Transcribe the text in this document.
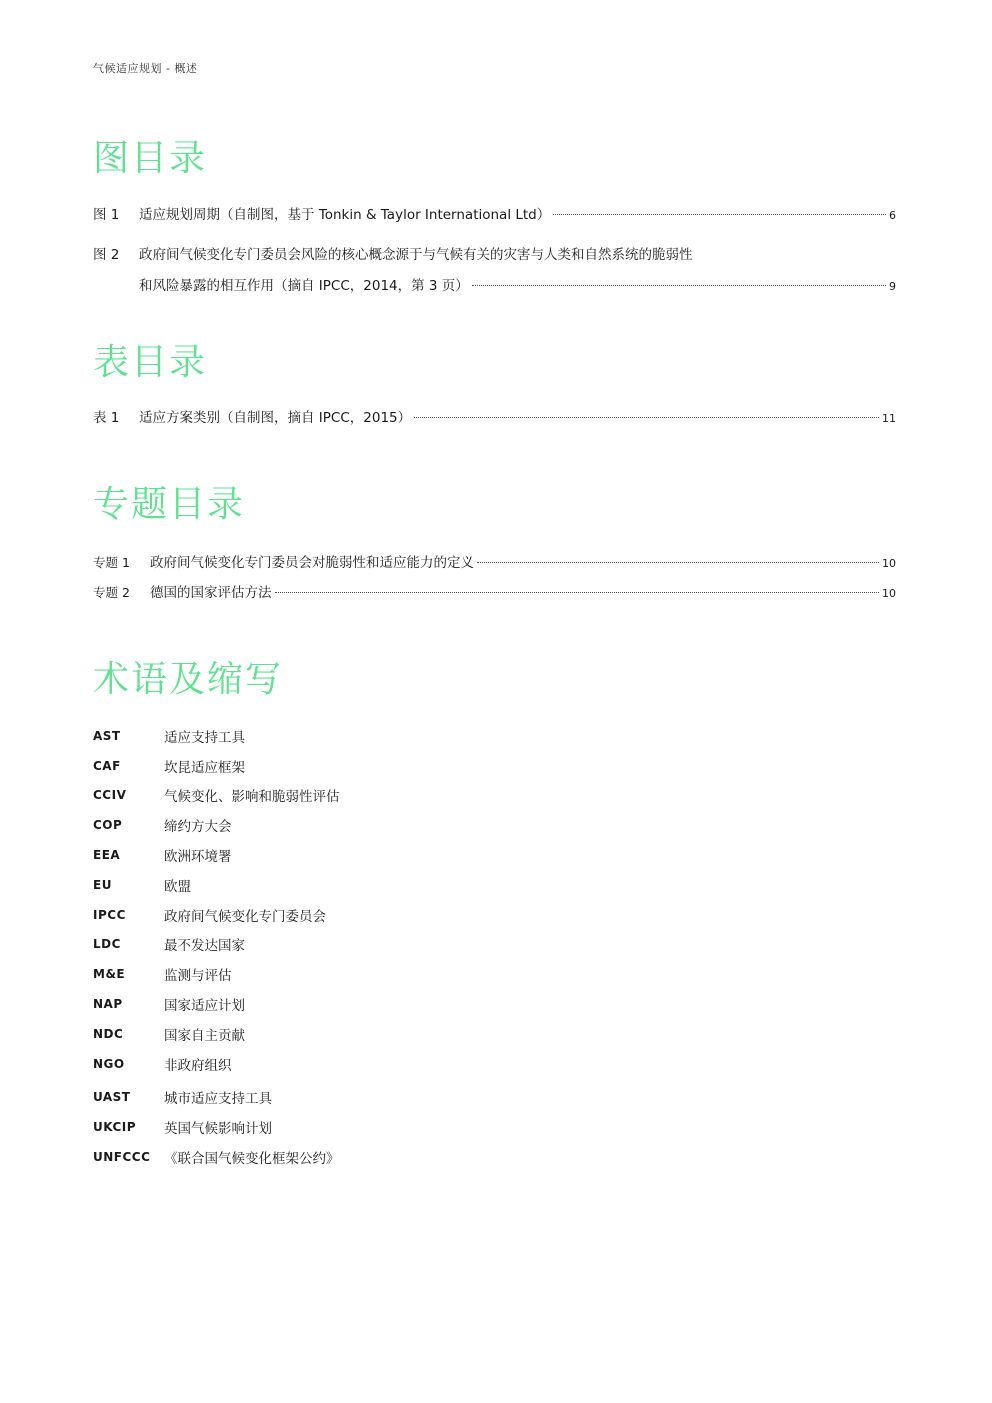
气候适应规划 - 概述
图目录
图 1	适应规划周期（自制图，基于 Tonkin & Taylor International Ltd）	6
图 2	政府间气候变化专门委员会风险的核心概念源于与气候有关的灾害与人类和自然系统的脆弱性
和风险暴露的相互作用（摘自 IPCC，2014，第 3 页）	9
表目录
表 1	适应方案类别（自制图，摘自 IPCC，2015）	11
专题目录
专题 1	政府间气候变化专门委员会对脆弱性和适应能力的定义	10
专题 2	德国的国家评估方法	10
术语及缩写
AST	适应支持工具
CAF	坎昆适应框架
CCIV	气候变化、影响和脆弱性评估
COP	缔约方大会
EEA	欧洲环境署
EU	欧盟
IPCC	政府间气候变化专门委员会
LDC	最不发达国家
M&E	监测与评估
NAP	国家适应计划
NDC	国家自主贡献
NGO	非政府组织
UAST	城市适应支持工具
UKCIP	英国气候影响计划
UNFCCC	《联合国气候变化框架公约》
